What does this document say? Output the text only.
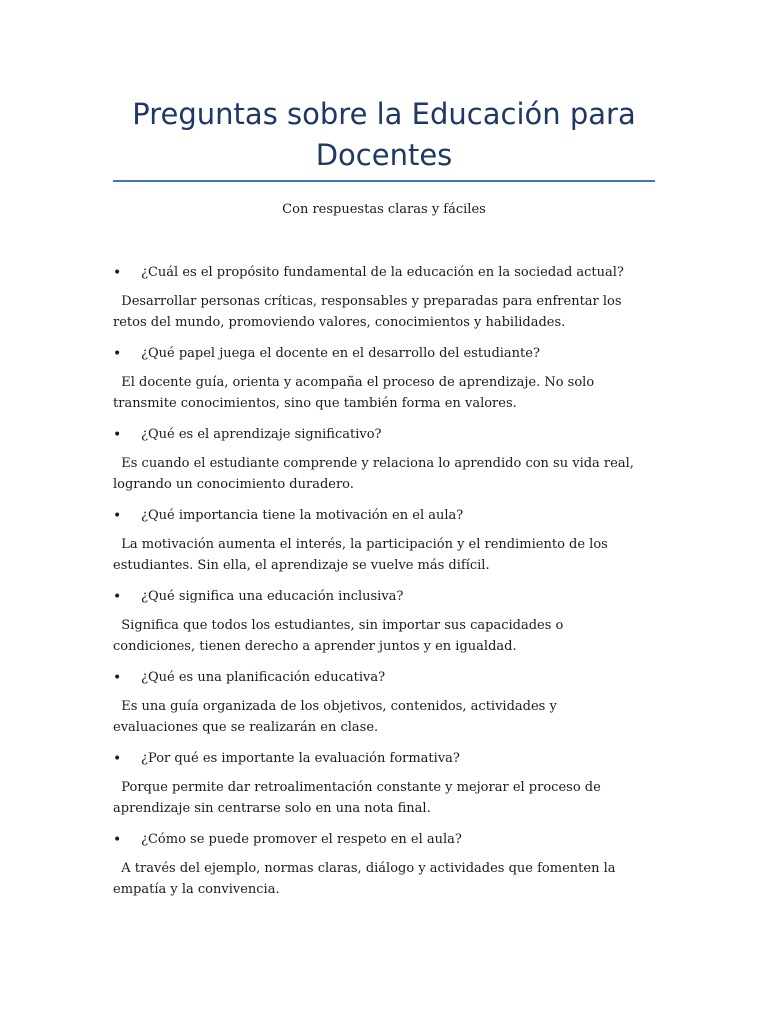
Preguntas sobre la Educación para Docentes

Con respuestas claras y fáciles

• ¿Cuál es el propósito fundamental de la educación en la sociedad actual?

Desarrollar personas críticas, responsables y preparadas para enfrentar los retos del mundo, promoviendo valores, conocimientos y habilidades.

• ¿Qué papel juega el docente en el desarrollo del estudiante?

El docente guía, orienta y acompaña el proceso de aprendizaje. No solo transmite conocimientos, sino que también forma en valores.

• ¿Qué es el aprendizaje significativo?

Es cuando el estudiante comprende y relaciona lo aprendido con su vida real, logrando un conocimiento duradero.

• ¿Qué importancia tiene la motivación en el aula?

La motivación aumenta el interés, la participación y el rendimiento de los estudiantes. Sin ella, el aprendizaje se vuelve más difícil.

• ¿Qué significa una educación inclusiva?

Significa que todos los estudiantes, sin importar sus capacidades o condiciones, tienen derecho a aprender juntos y en igualdad.

• ¿Qué es una planificación educativa?

Es una guía organizada de los objetivos, contenidos, actividades y evaluaciones que se realizarán en clase.

• ¿Por qué es importante la evaluación formativa?

Porque permite dar retroalimentación constante y mejorar el proceso de aprendizaje sin centrarse solo en una nota final.

• ¿Cómo se puede promover el respeto en el aula?

A través del ejemplo, normas claras, diálogo y actividades que fomenten la empatía y la convivencia.
